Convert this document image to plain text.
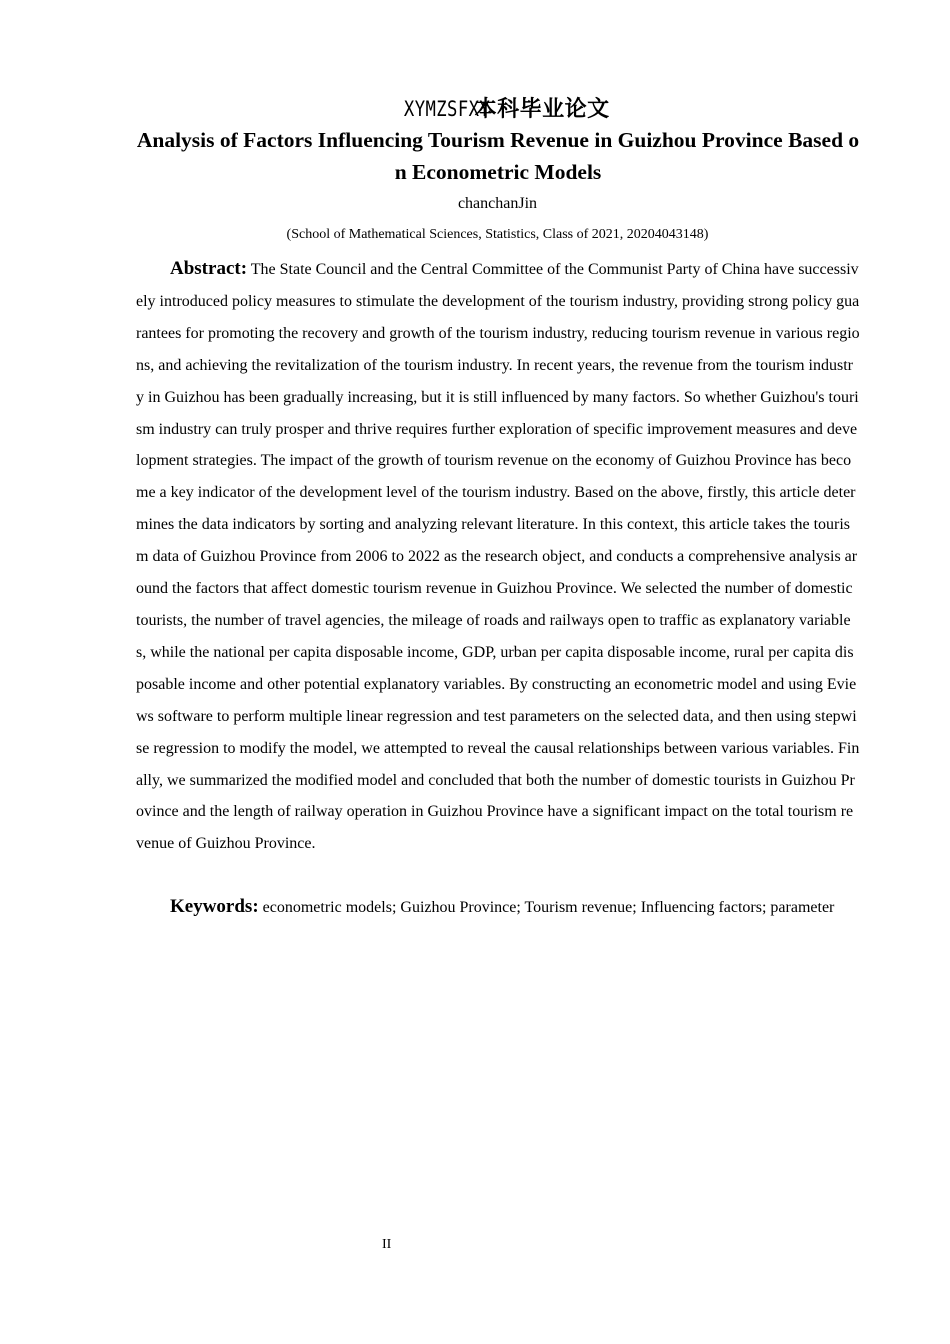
XYMZSFXY本科毕业论文
Analysis of Factors Influencing Tourism Revenue in Guizhou Province Based on Econometric Models
chanchanJin
(School of Mathematical Sciences, Statistics, Class of 2021, 20204043148)

Abstract: The State Council and the Central Committee of the Communist Party of China have successively introduced policy measures to stimulate the development of the tourism industry, providing strong policy guarantees for promoting the recovery and growth of the tourism industry, reducing tourism revenue in various regions, and achieving the revitalization of the tourism industry. In recent years, the revenue from the tourism industry in Guizhou has been gradually increasing, but it is still influenced by many factors. So whether Guizhou's tourism industry can truly prosper and thrive requires further exploration of specific improvement measures and development strategies. The impact of the growth of tourism revenue on the economy of Guizhou Province has become a key indicator of the development level of the tourism industry. Based on the above, firstly, this article determines the data indicators by sorting and analyzing relevant literature. In this context, this article takes the tourism data of Guizhou Province from 2006 to 2022 as the research object, and conducts a comprehensive analysis around the factors that affect domestic tourism revenue in Guizhou Province. We selected the number of domestic tourists, the number of travel agencies, the mileage of roads and railways open to traffic as explanatory variables, while the national per capita disposable income, GDP, urban per capita disposable income, rural per capita disposable income and other potential explanatory variables. By constructing an econometric model and using Eviews software to perform multiple linear regression and test parameters on the selected data, and then using stepwise regression to modify the model, we attempted to reveal the causal relationships between various variables. Finally, we summarized the modified model and concluded that both the number of domestic tourists in Guizhou Province and the length of railway operation in Guizhou Province have a significant impact on the total tourism revenue of Guizhou Province.

Keywords: econometric models; Guizhou Province; Tourism revenue; Influencing factors; parameter

II
